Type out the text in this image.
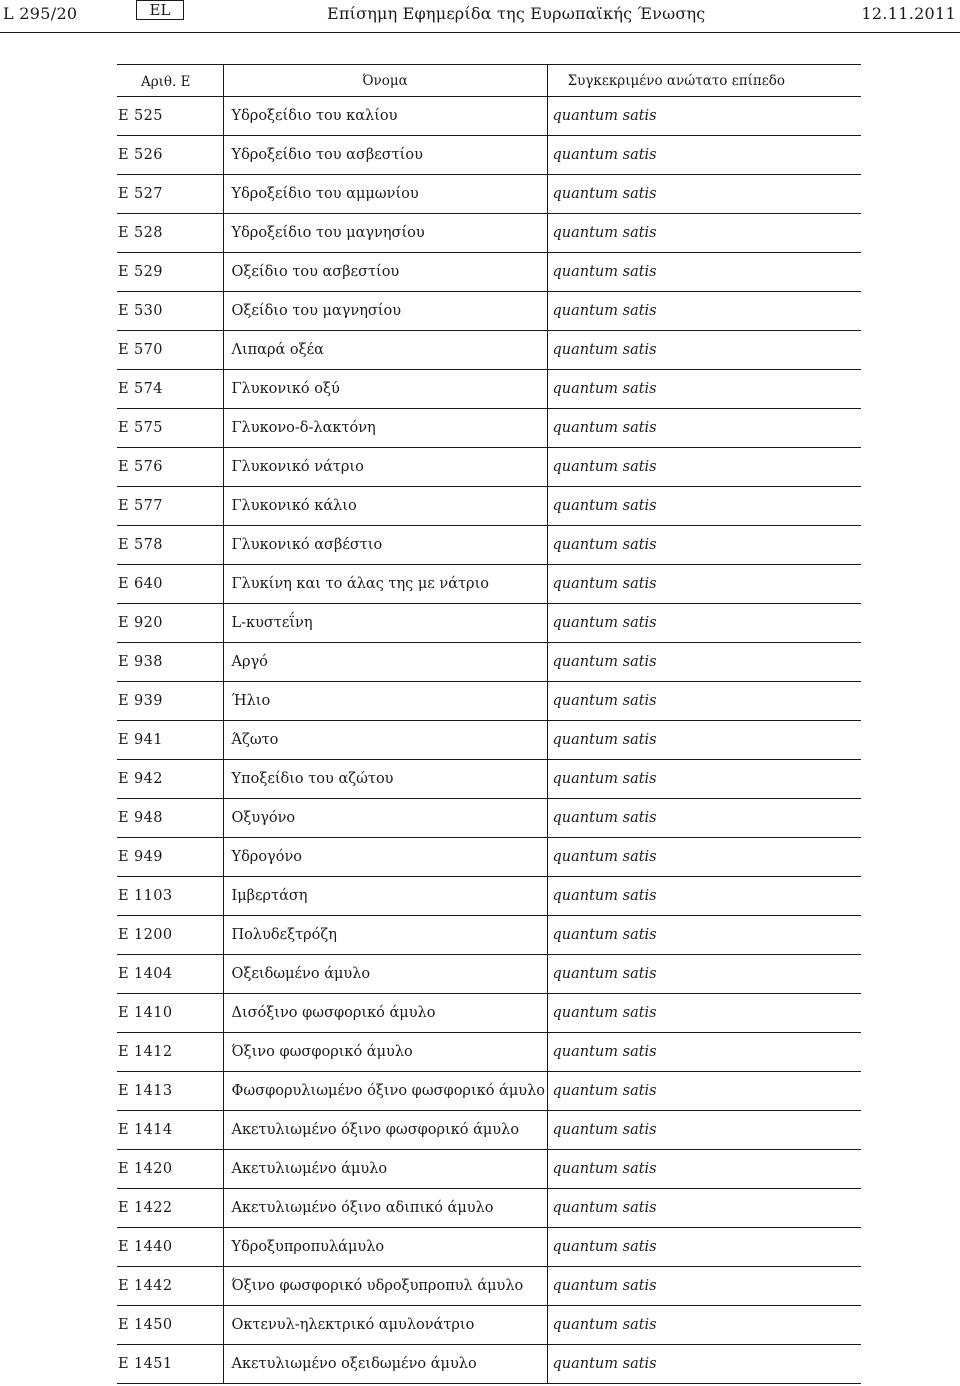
L 295/20	EL	Επίσημη Εφημερίδα της Ευρωπαϊκής Ένωσης	12.11.2011
Αριθ. Ε	Όνομα	Συγκεκριμένο ανώτατο επίπεδο
E 525	Υδροξείδιο του καλίου	quantum satis
E 526	Υδροξείδιο του ασβεστίου	quantum satis
E 527	Υδροξείδιο του αμμωνίου	quantum satis
E 528	Υδροξείδιο του μαγνησίου	quantum satis
E 529	Οξείδιο του ασβεστίου	quantum satis
E 530	Οξείδιο του μαγνησίου	quantum satis
E 570	Λιπαρά οξέα	quantum satis
E 574	Γλυκονικό οξύ	quantum satis
E 575	Γλυκονο-δ-λακτόνη	quantum satis
E 576	Γλυκονικό νάτριο	quantum satis
E 577	Γλυκονικό κάλιο	quantum satis
E 578	Γλυκονικό ασβέστιο	quantum satis
E 640	Γλυκίνη και το άλας της με νάτριο	quantum satis
E 920	L-κυστεΐνη	quantum satis
E 938	Αργό	quantum satis
E 939	Ήλιο	quantum satis
E 941	Άζωτο	quantum satis
E 942	Υποξείδιο του αζώτου	quantum satis
E 948	Οξυγόνο	quantum satis
E 949	Υδρογόνο	quantum satis
E 1103	Ιμβερτάση	quantum satis
E 1200	Πολυδεξτρόζη	quantum satis
E 1404	Οξειδωμένο άμυλο	quantum satis
E 1410	Δισόξινο φωσφορικό άμυλο	quantum satis
E 1412	Όξινο φωσφορικό άμυλο	quantum satis
E 1413	Φωσφορυλιωμένο όξινο φωσφορικό άμυλο	quantum satis
E 1414	Ακετυλιωμένο όξινο φωσφορικό άμυλο	quantum satis
E 1420	Ακετυλιωμένο άμυλο	quantum satis
E 1422	Ακετυλιωμένο όξινο αδιπικό άμυλο	quantum satis
E 1440	Υδροξυπροπυλάμυλο	quantum satis
E 1442	Όξινο φωσφορικό υδροξυπροπυλ άμυλο	quantum satis
E 1450	Οκτενυλ-ηλεκτρικό αμυλονάτριο	quantum satis
E 1451	Ακετυλιωμένο οξειδωμένο άμυλο	quantum satis
